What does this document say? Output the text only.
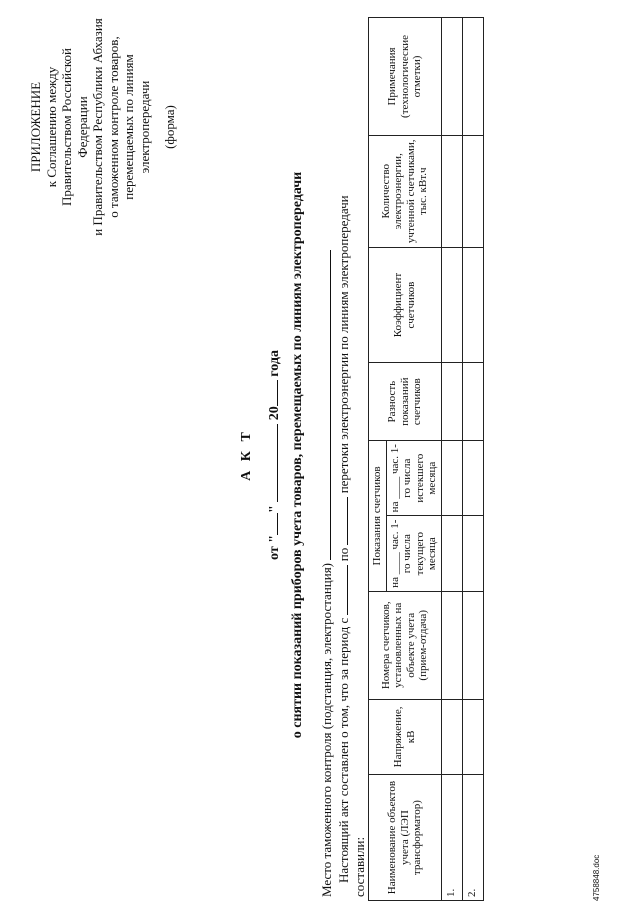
ПРИЛОЖЕНИЕ к Соглашению между Правительством Российской Федерации и Правительством Республики Абхазия о таможенном контроле товаров, перемещаемых по линиям электропередачи (форма)
А К Т
от ""  20 года о снятии показаний приборов учета товаров, перемещаемых по линиям электропередачи Место таможенного контроля (подстанция, электростанция) Настоящий акт составлен о том, что за период с  по  перетоки электроэнергии по линиям электропередачи
составили: Наименование объектов учета (ЛЭП трансформатор)	Напряжение, кВ	Номера счетчиков, установленных на объекте учета (прием-отдача)	Показания счетчиков		Разность показаний счетчиков	Коэффициент счетчиков	Количество электроэнергии, учтенной счетчиками, тыс. кВт.ч	Примечания (технологические отметки)
			на ____ час. 1-го числа текущего месяца	на ____ час. 1-го числа истекшего месяца				
1.								
2.									4758848.doc
